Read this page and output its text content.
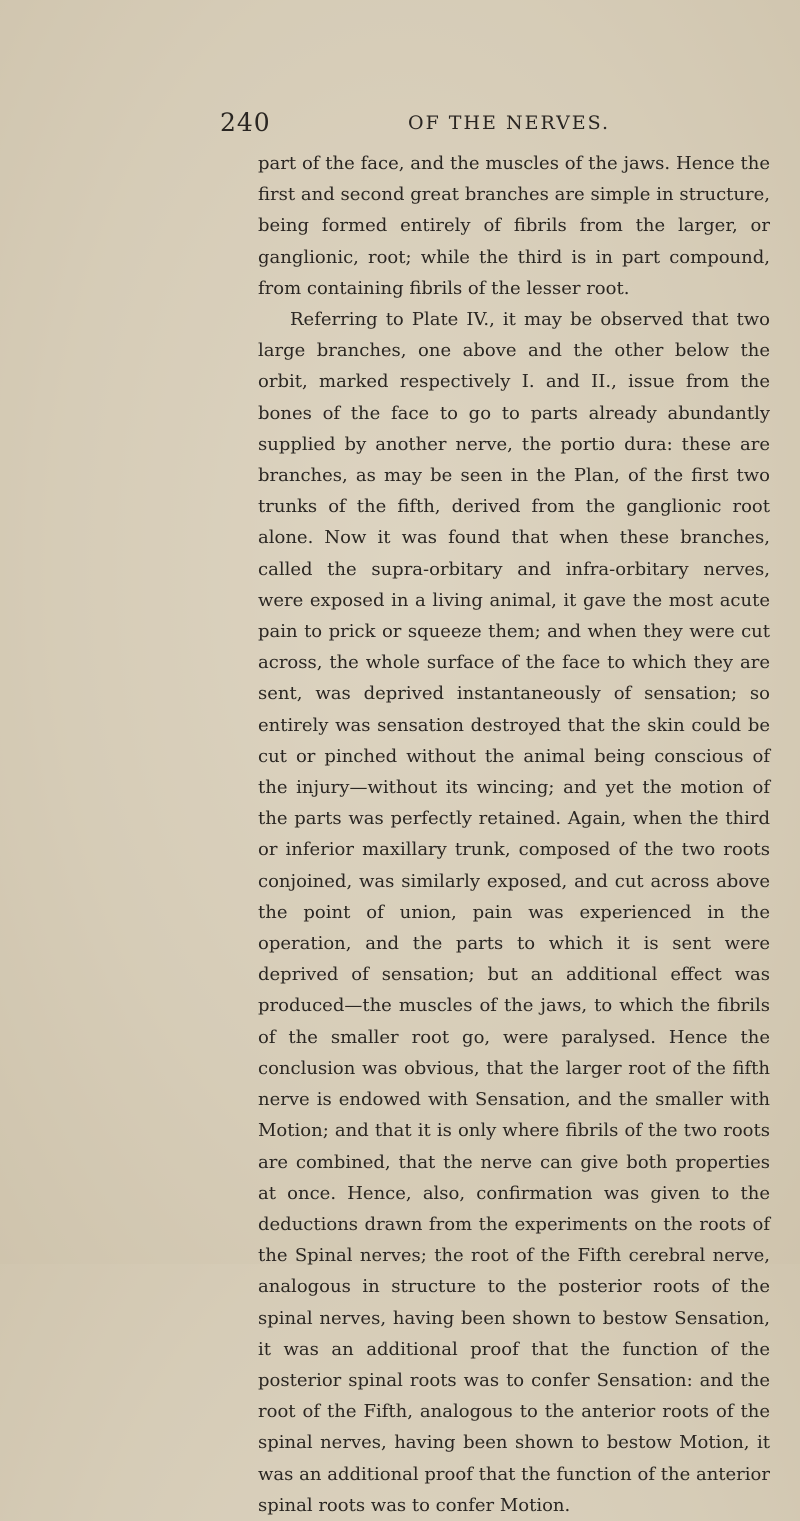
240	OF THE NERVES.

part of the face, and the muscles of the jaws. Hence the first and second great branches are simple in structure, being formed entirely of fibrils from the larger, or ganglionic, root; while the third is in part compound, from containing fibrils of the lesser root.

Referring to Plate IV., it may be observed that two large branches, one above and the other below the orbit, marked respectively I. and II., issue from the bones of the face to go to parts already abundantly supplied by another nerve, the portio dura: these are branches, as may be seen in the Plan, of the first two trunks of the fifth, derived from the ganglionic root alone. Now it was found that when these branches, called the supra-orbitary and infra-orbitary nerves, were exposed in a living animal, it gave the most acute pain to prick or squeeze them; and when they were cut across, the whole surface of the face to which they are sent, was deprived instantaneously of sensation; so entirely was sensation destroyed that the skin could be cut or pinched without the animal being conscious of the injury—without its wincing; and yet the motion of the parts was perfectly retained. Again, when the third or inferior maxillary trunk, composed of the two roots conjoined, was similarly exposed, and cut across above the point of union, pain was experienced in the operation, and the parts to which it is sent were deprived of sensation; but an additional effect was produced—the muscles of the jaws, to which the fibrils of the smaller root go, were paralysed. Hence the conclusion was obvious, that the larger root of the fifth nerve is endowed with Sensation, and the smaller with Motion; and that it is only where fibrils of the two roots are combined, that the nerve can give both properties at once. Hence, also, confirmation was given to the deductions drawn from the experiments on the roots of the Spinal nerves; the root of the Fifth cerebral nerve, analogous in structure to the posterior roots of the spinal nerves, having been shown to bestow Sensation, it was an additional proof that the function of the posterior spinal roots was to confer Sensation: and the root of the Fifth, analogous to the anterior roots of the spinal nerves, having been shown to bestow Motion, it was an additional proof that the function of the anterior spinal roots was to confer Motion.
